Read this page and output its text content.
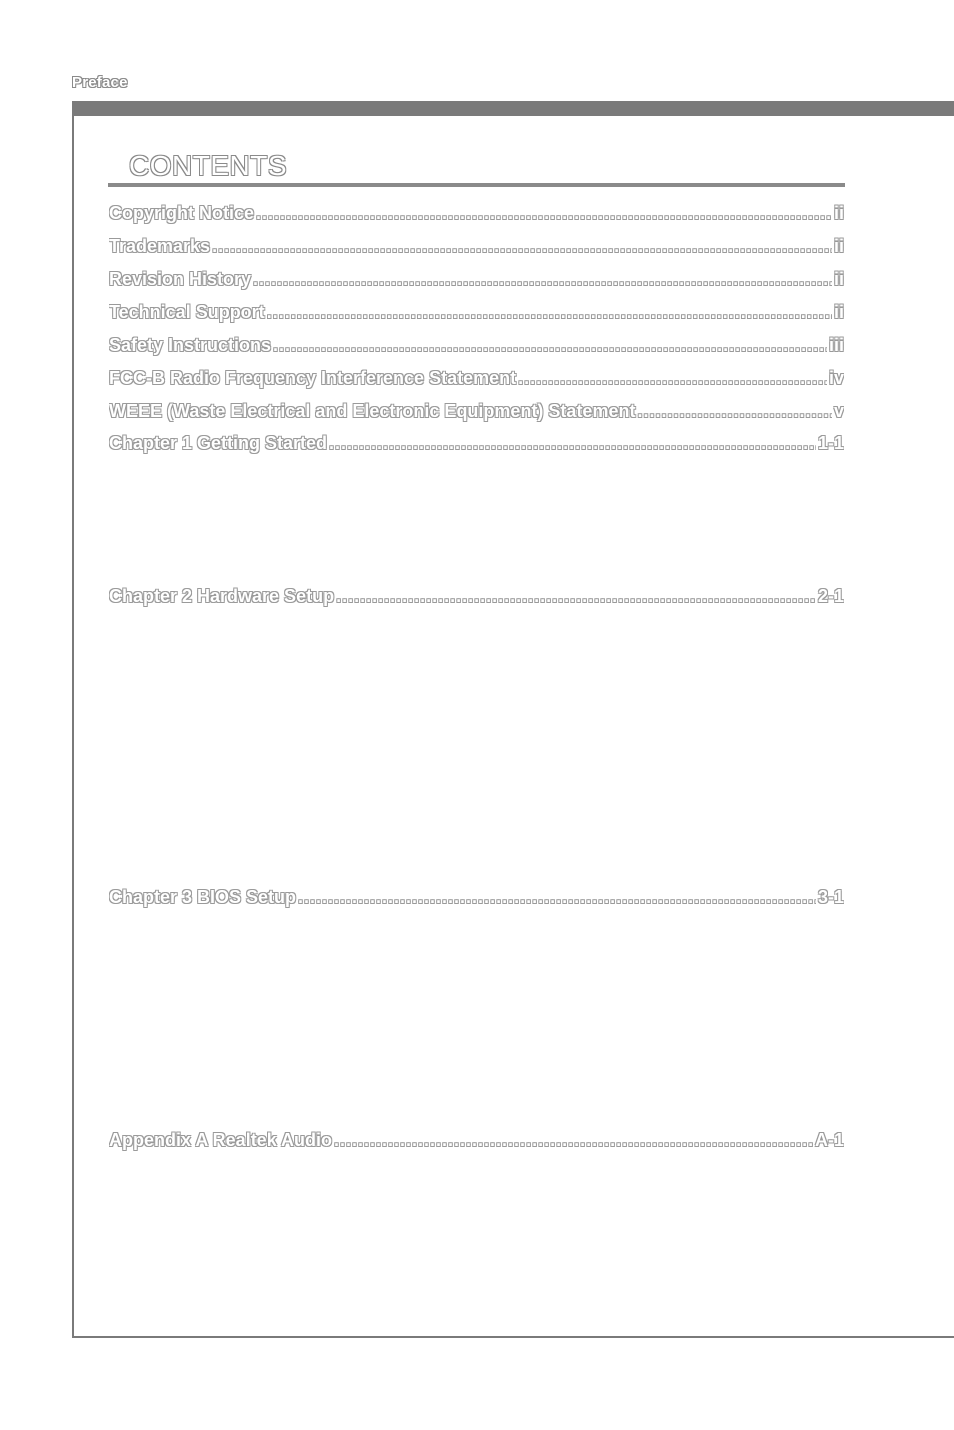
Preface
CONTENTS
Copyright Notice .....	ii
Trademarks .....	ii
Revision History .....	ii
Technical Support .....	ii
Safety Instructions .....	iii
FCC-B Radio Frequency Interference Statement .....	iv
WEEE (Waste Electrical and Electronic Equipment) Statement .....	v
Chapter 1 Getting Started .....	1-1
Chapter 2 Hardware Setup .....	2-1
Chapter 3 BIOS Setup .....	3-1
Appendix A Realtek Audio .....	A-1
